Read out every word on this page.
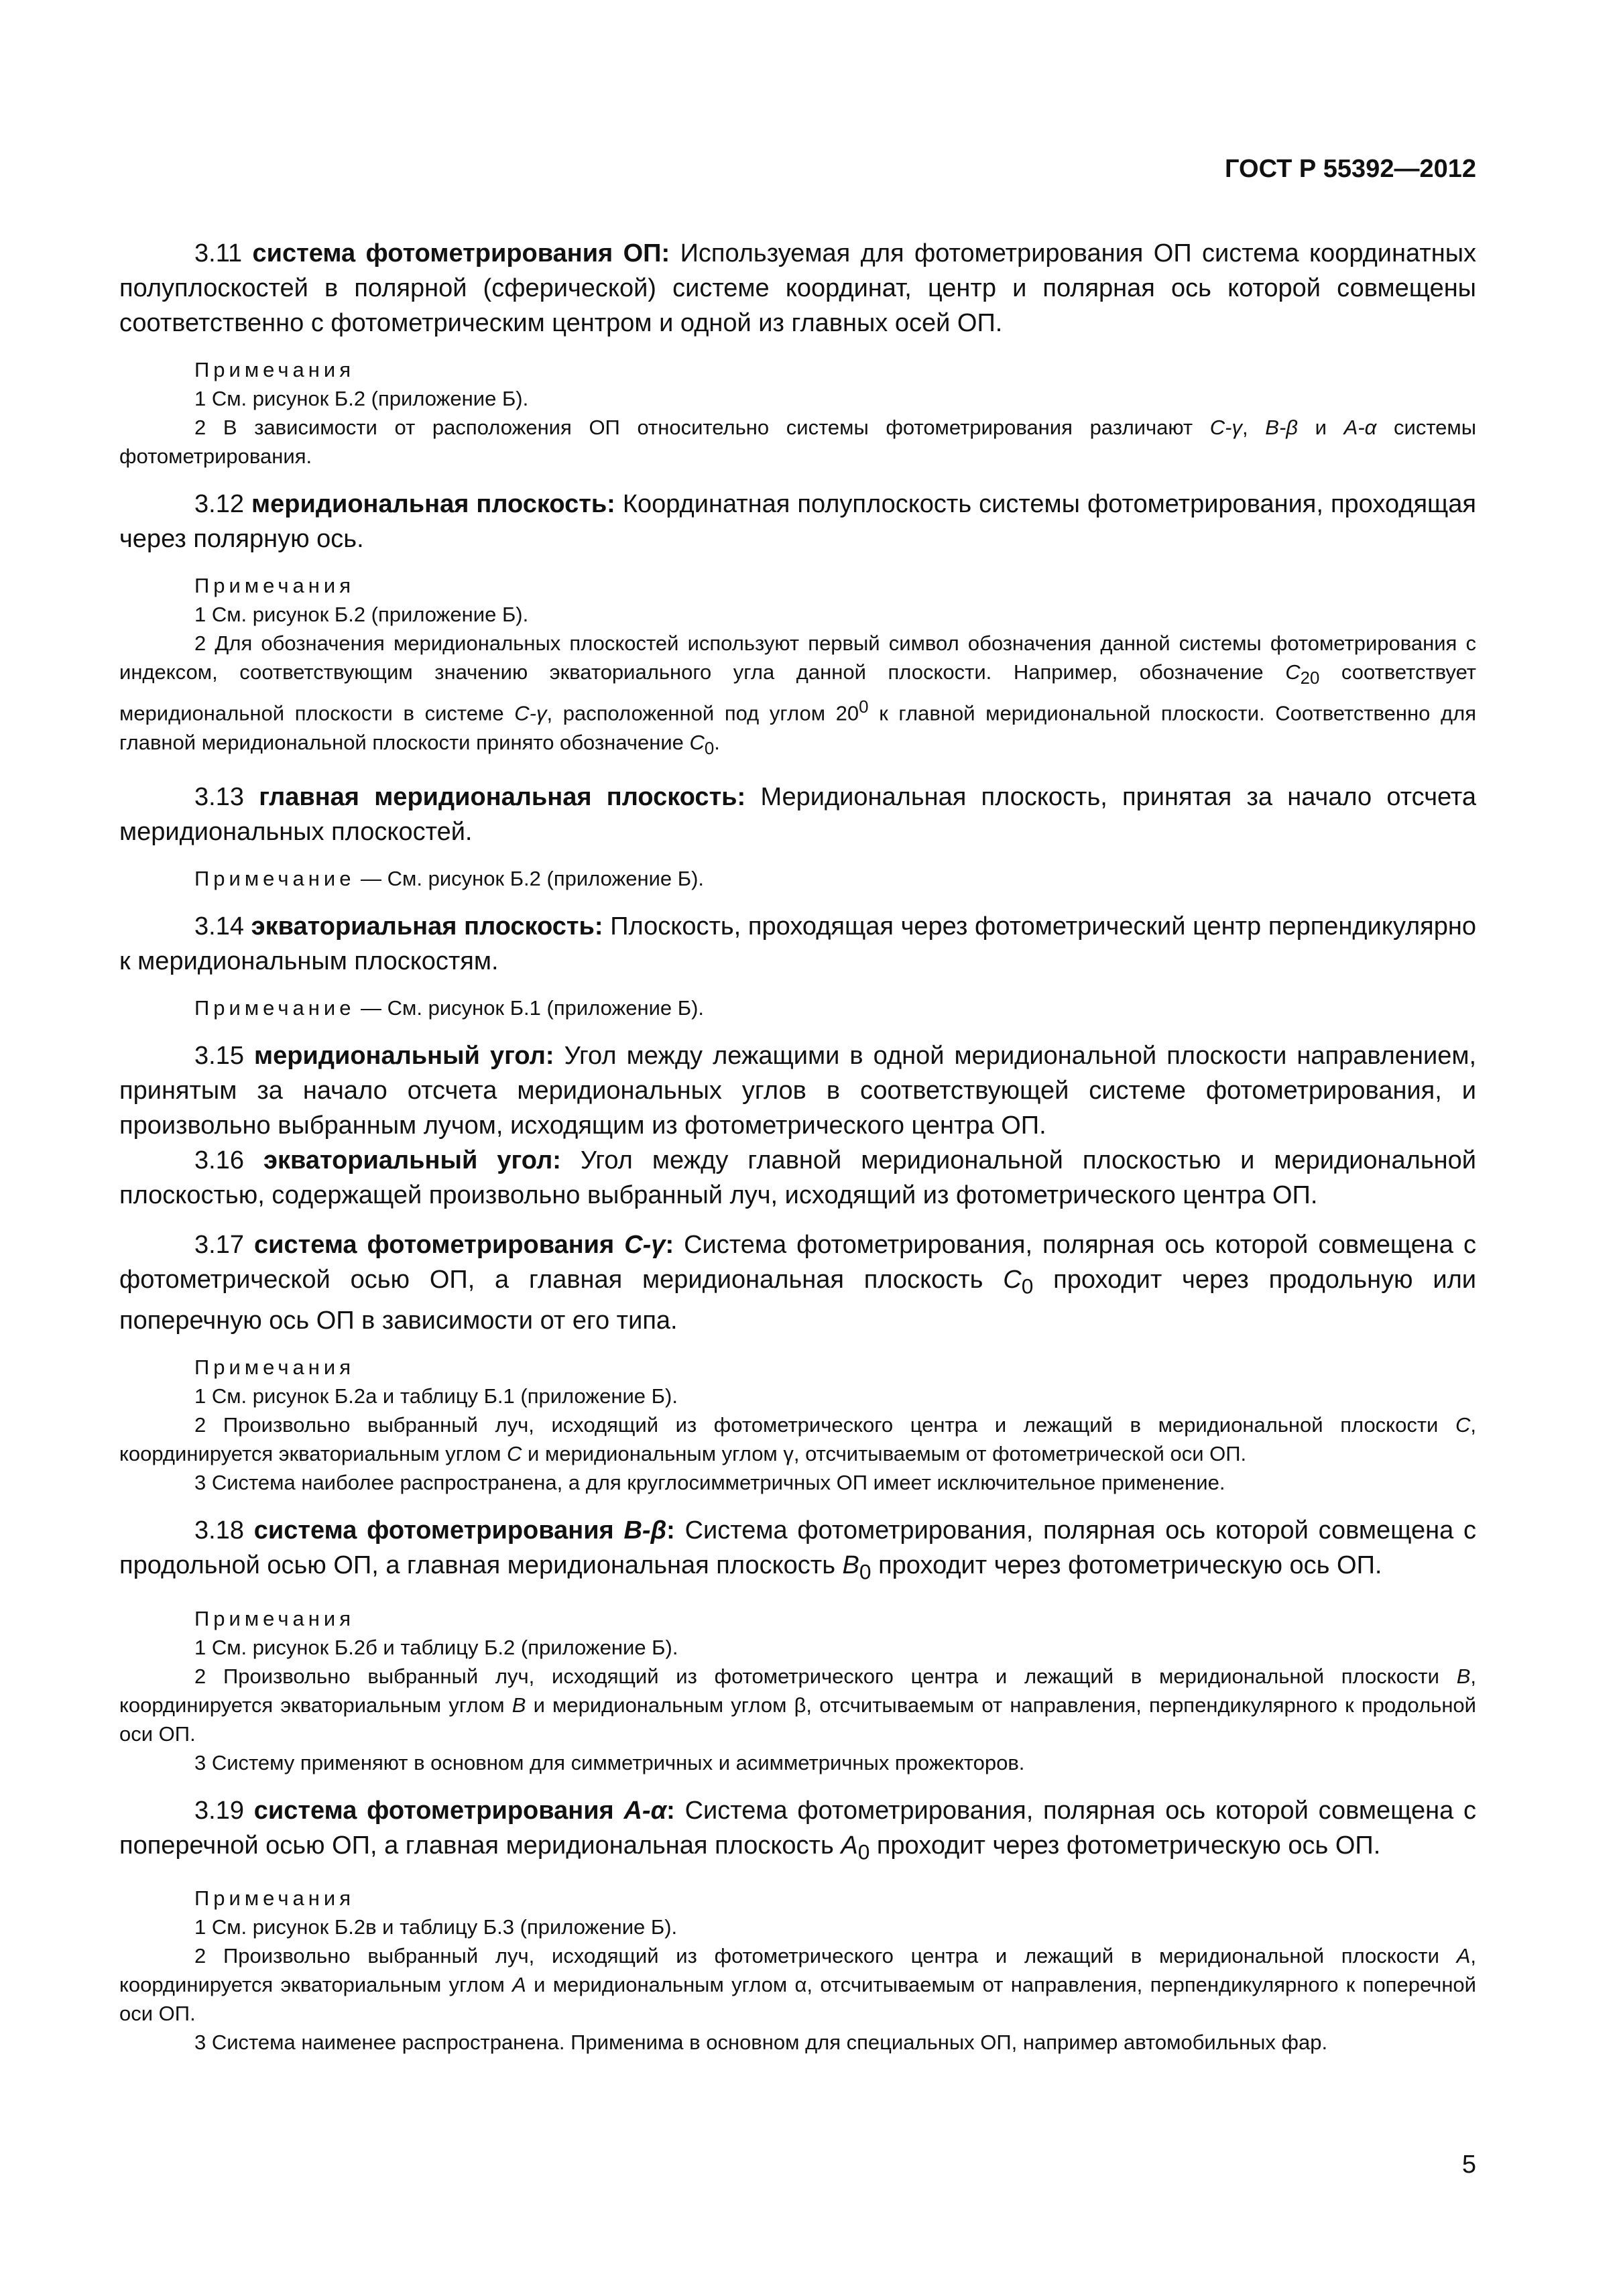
ГОСТ Р 55392—2012

3.11 система фотометрирования ОП: Используемая для фотометрирования ОП система координатных полуплоскостей в полярной (сферической) системе координат, центр и полярная ось которой совмещены соответственно с фотометрическим центром и одной из главных осей ОП.

Примечания
1 См. рисунок Б.2 (приложение Б).
2 В зависимости от расположения ОП относительно системы фотометрирования различают С-γ, В-β и А-α системы фотометрирования.

3.12 меридиональная плоскость: Координатная полуплоскость системы фотометрирования, проходящая через полярную ось.

Примечания
1 См. рисунок Б.2 (приложение Б).
2 Для обозначения меридиональных плоскостей используют первый символ обозначения данной системы фотометрирования с индексом, соответствующим значению экваториального угла данной плоскости. Например, обозначение $С_{20}$ соответствует меридиональной плоскости в системе С-γ, расположенной под углом $20^0$ к главной меридиональной плоскости. Соответственно для главной меридиональной плоскости принято обозначение $С_0$.

3.13 главная меридиональная плоскость: Меридиональная плоскость, принятая за начало отсчета меридиональных плоскостей.

Примечание — См. рисунок Б.2 (приложение Б).

3.14 экваториальная плоскость: Плоскость, проходящая через фотометрический центр перпендикулярно к меридиональным плоскостям.

Примечание — См. рисунок Б.1 (приложение Б).

3.15 меридиональный угол: Угол между лежащими в одной меридиональной плоскости направлением, принятым за начало отсчета меридиональных углов в соответствующей системе фотометрирования, и произвольно выбранным лучом, исходящим из фотометрического центра ОП.

3.16 экваториальный угол: Угол между главной меридиональной плоскостью и меридиональной плоскостью, содержащей произвольно выбранный луч, исходящий из фотометрического центра ОП.

3.17 система фотометрирования С-γ: Система фотометрирования, полярная ось которой совмещена с фотометрической осью ОП, а главная меридиональная плоскость $С_0$ проходит через продольную или поперечную ось ОП в зависимости от его типа.

Примечания
1 См. рисунок Б.2а и таблицу Б.1 (приложение Б).
2 Произвольно выбранный луч, исходящий из фотометрического центра и лежащий в меридиональной плоскости С, координируется экваториальным углом С и меридиональным углом γ, отсчитываемым от фотометрической оси ОП.
3 Система наиболее распространена, а для круглосимметричных ОП имеет исключительное применение.

3.18 система фотометрирования В-β: Система фотометрирования, полярная ось которой совмещена с продольной осью ОП, а главная меридиональная плоскость $В_0$ проходит через фотометрическую ось ОП.

Примечания
1 См. рисунок Б.2б и таблицу Б.2 (приложение Б).
2 Произвольно выбранный луч, исходящий из фотометрического центра и лежащий в меридиональной плоскости В, координируется экваториальным углом В и меридиональным углом β, отсчитываемым от направления, перпендикулярного к продольной оси ОП.
3 Систему применяют в основном для симметричных и асимметричных прожекторов.

3.19 система фотометрирования А-α: Система фотометрирования, полярная ось которой совмещена с поперечной осью ОП, а главная меридиональная плоскость $А_0$ проходит через фотометрическую ось ОП.

Примечания
1 См. рисунок Б.2в и таблицу Б.3 (приложение Б).
2 Произвольно выбранный луч, исходящий из фотометрического центра и лежащий в меридиональной плоскости А, координируется экваториальным углом А и меридиональным углом α, отсчитываемым от направления, перпендикулярного к поперечной оси ОП.
3 Система наименее распространена. Применима в основном для специальных ОП, например автомобильных фар.
5
